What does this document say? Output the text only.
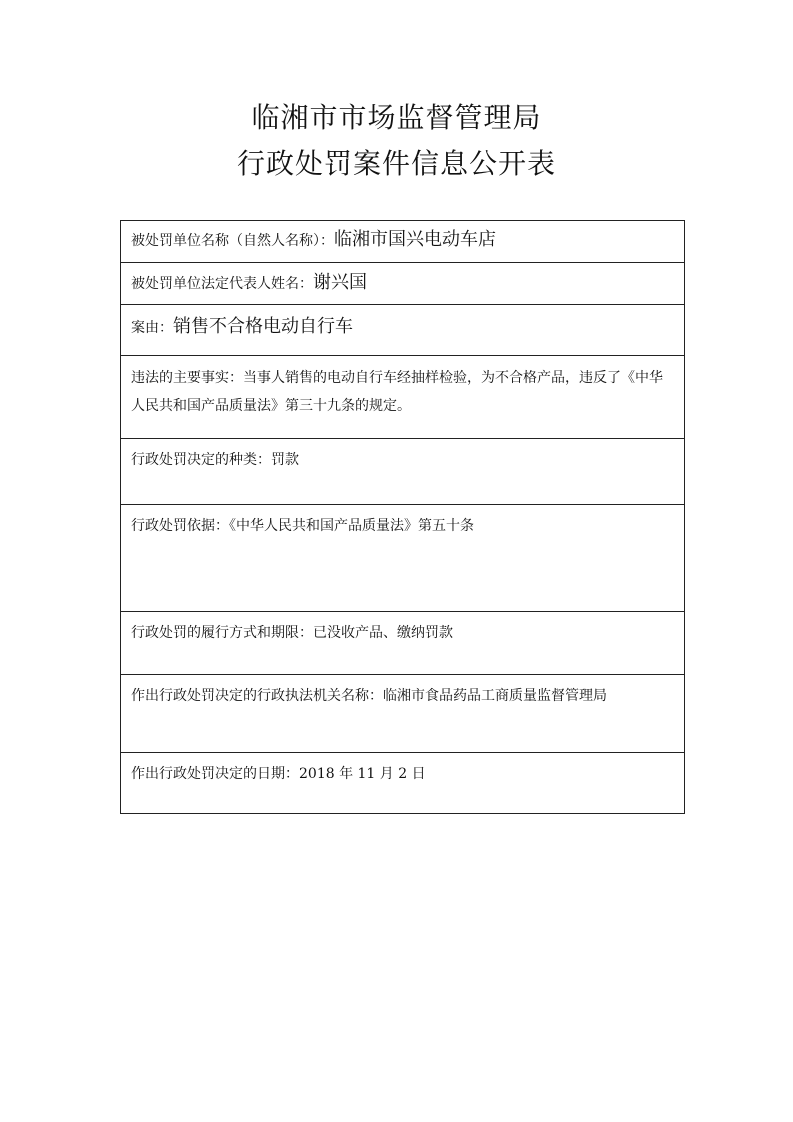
临湘市市场监督管理局
行政处罚案件信息公开表
被处罚单位名称（自然人名称）：临湘市国兴电动车店
被处罚单位法定代表人姓名：谢兴国
案由：销售不合格电动自行车
违法的主要事实：当事人销售的电动自行车经抽样检验，为不合格产品，违反了《中华人民共和国产品质量法》第三十九条的规定。
行政处罚决定的种类：罚款
行政处罚依据：《中华人民共和国产品质量法》第五十条
行政处罚的履行方式和期限：已没收产品、缴纳罚款
作出行政处罚决定的行政执法机关名称：临湘市食品药品工商质量监督管理局
作出行政处罚决定的日期：2018 年 11 月 2 日
